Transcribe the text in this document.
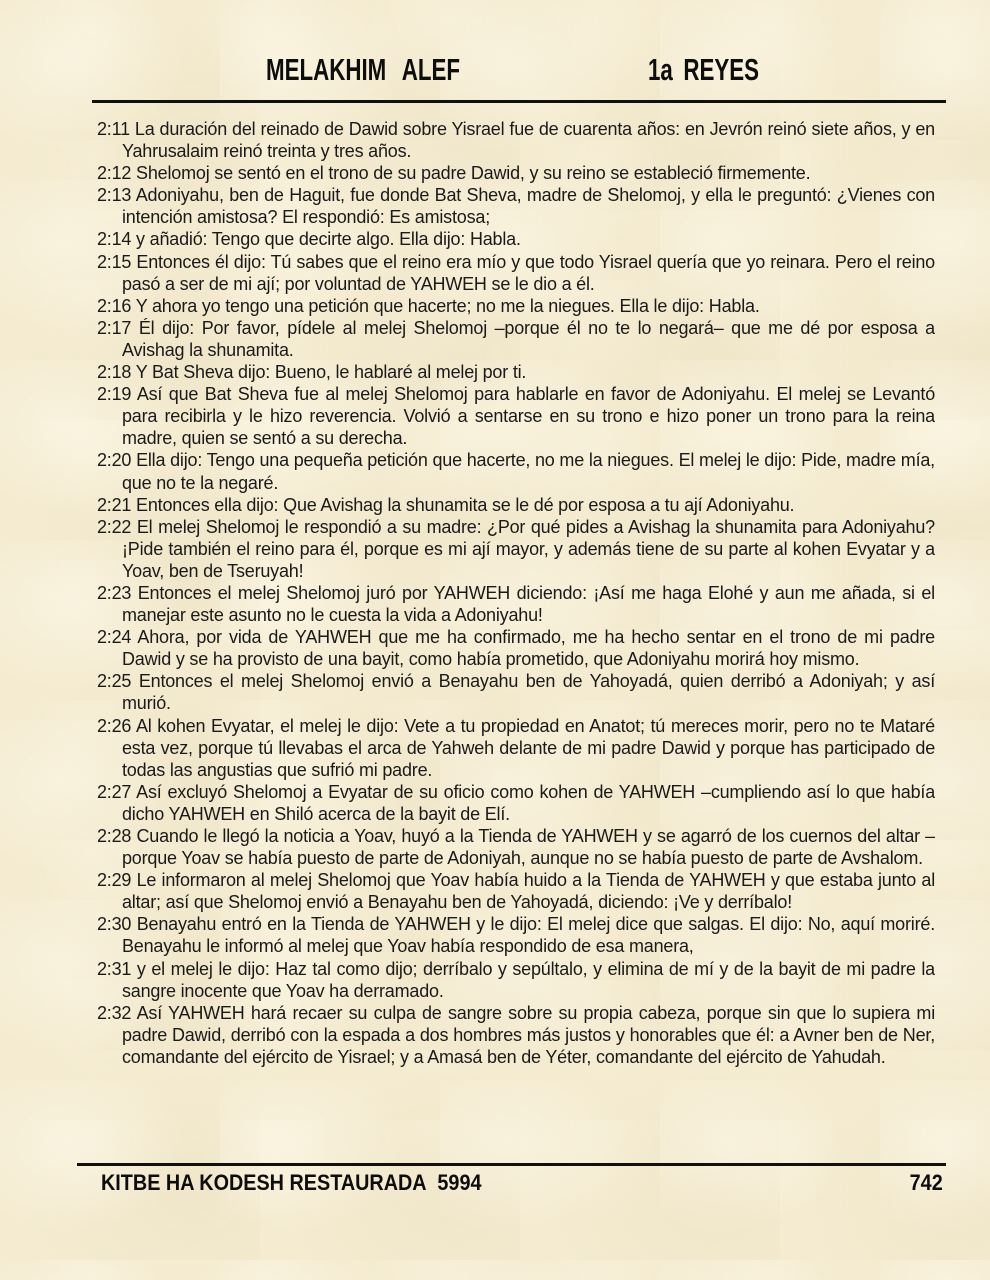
MELAKHIM ALEF	1a REYES

2:11 La duración del reinado de Dawid sobre Yisrael fue de cuarenta años: en Jevrón reinó siete años, y en Yahrusalaim reinó treinta y tres años.

2:12 Shelomoj se sentó en el trono de su padre Dawid, y su reino se estableció firmemente.

2:13 Adoniyahu, ben de Haguit, fue donde Bat Sheva, madre de Shelomoj, y ella le preguntó: ¿Vienes con intención amistosa? El respondió: Es amistosa;

2:14 y añadió: Tengo que decirte algo. Ella dijo: Habla.

2:15 Entonces él dijo: Tú sabes que el reino era mío y que todo Yisrael quería que yo reinara. Pero el reino pasó a ser de mi ají; por voluntad de YAHWEH se le dio a él.

2:16 Y ahora yo tengo una petición que hacerte; no me la niegues. Ella le dijo: Habla.

2:17 Él dijo: Por favor, pídele al melej Shelomoj –porque él no te lo negará– que me dé por esposa a Avishag la shunamita.

2:18 Y Bat Sheva dijo: Bueno, le hablaré al melej por ti.

2:19 Así que Bat Sheva fue al melej Shelomoj para hablarle en favor de Adoniyahu. El melej se Levantó para recibirla y le hizo reverencia. Volvió a sentarse en su trono e hizo poner un trono para la reina madre, quien se sentó a su derecha.

2:20 Ella dijo: Tengo una pequeña petición que hacerte, no me la niegues. El melej le dijo: Pide, madre mía, que no te la negaré.

2:21 Entonces ella dijo: Que Avishag la shunamita se le dé por esposa a tu ají Adoniyahu.

2:22 El melej Shelomoj le respondió a su madre: ¿Por qué pides a Avishag la shunamita para Adoniyahu? ¡Pide también el reino para él, porque es mi ají mayor, y además tiene de su parte al kohen Evyatar y a Yoav, ben de Tseruyah!

2:23 Entonces el melej Shelomoj juró por YAHWEH diciendo: ¡Así me haga Elohé y aun me añada, si el manejar este asunto no le cuesta la vida a Adoniyahu!

2:24 Ahora, por vida de YAHWEH que me ha confirmado, me ha hecho sentar en el trono de mi padre Dawid y se ha provisto de una bayit, como había prometido, que Adoniyahu morirá hoy mismo.

2:25 Entonces el melej Shelomoj envió a Benayahu ben de Yahoyadá, quien derribó a Adoniyah; y así murió.

2:26 Al kohen Evyatar, el melej le dijo: Vete a tu propiedad en Anatot; tú mereces morir, pero no te Mataré esta vez, porque tú llevabas el arca de Yahweh delante de mi padre Dawid y porque has participado de todas las angustias que sufrió mi padre.

2:27 Así excluyó Shelomoj a Evyatar de su oficio como kohen de YAHWEH –cumpliendo así lo que había dicho YAHWEH en Shiló acerca de la bayit de Elí.

2:28 Cuando le llegó la noticia a Yoav, huyó a la Tienda de YAHWEH y se agarró de los cuernos del altar –porque Yoav se había puesto de parte de Adoniyah, aunque no se había puesto de parte de Avshalom.

2:29 Le informaron al melej Shelomoj que Yoav había huido a la Tienda de YAHWEH y que estaba junto al altar; así que Shelomoj envió a Benayahu ben de Yahoyadá, diciendo: ¡Ve y derríbalo!

2:30 Benayahu entró en la Tienda de YAHWEH y le dijo: El melej dice que salgas. El dijo: No, aquí moriré. Benayahu le informó al melej que Yoav había respondido de esa manera,

2:31 y el melej le dijo: Haz tal como dijo; derríbalo y sepúltalo, y elimina de mí y de la bayit de mi padre la sangre inocente que Yoav ha derramado.

2:32 Así YAHWEH hará recaer su culpa de sangre sobre su propia cabeza, porque sin que lo supiera mi padre Dawid, derribó con la espada a dos hombres más justos y honorables que él: a Avner ben de Ner, comandante del ejército de Yisrael; y a Amasá ben de Yéter, comandante del ejército de Yahudah.

KITBE HA KODESH RESTAURADA 5994	742
